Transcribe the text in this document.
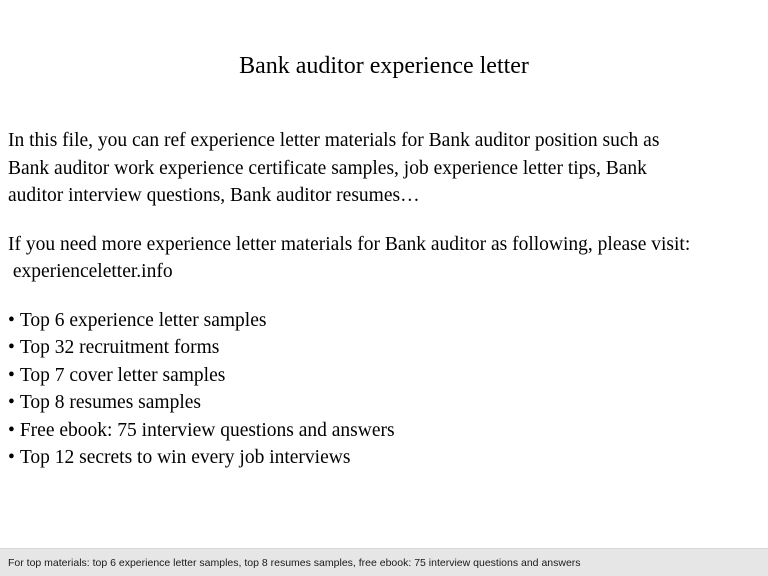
Bank auditor experience letter

In this file, you can ref experience letter materials for Bank auditor position such as
Bank auditor work experience certificate samples, job experience letter tips, Bank
auditor interview questions, Bank auditor resumes…

If you need more experience letter materials for Bank auditor as following, please visit:
experienceletter.info

• Top 6 experience letter samples
• Top 32 recruitment forms
• Top 7 cover letter samples
• Top 8 resumes samples
• Free ebook: 75 interview questions and answers
• Top 12 secrets to win every job interviews
For top materials: top 6 experience letter samples, top 8 resumes samples, free ebook: 75 interview questions and answers
